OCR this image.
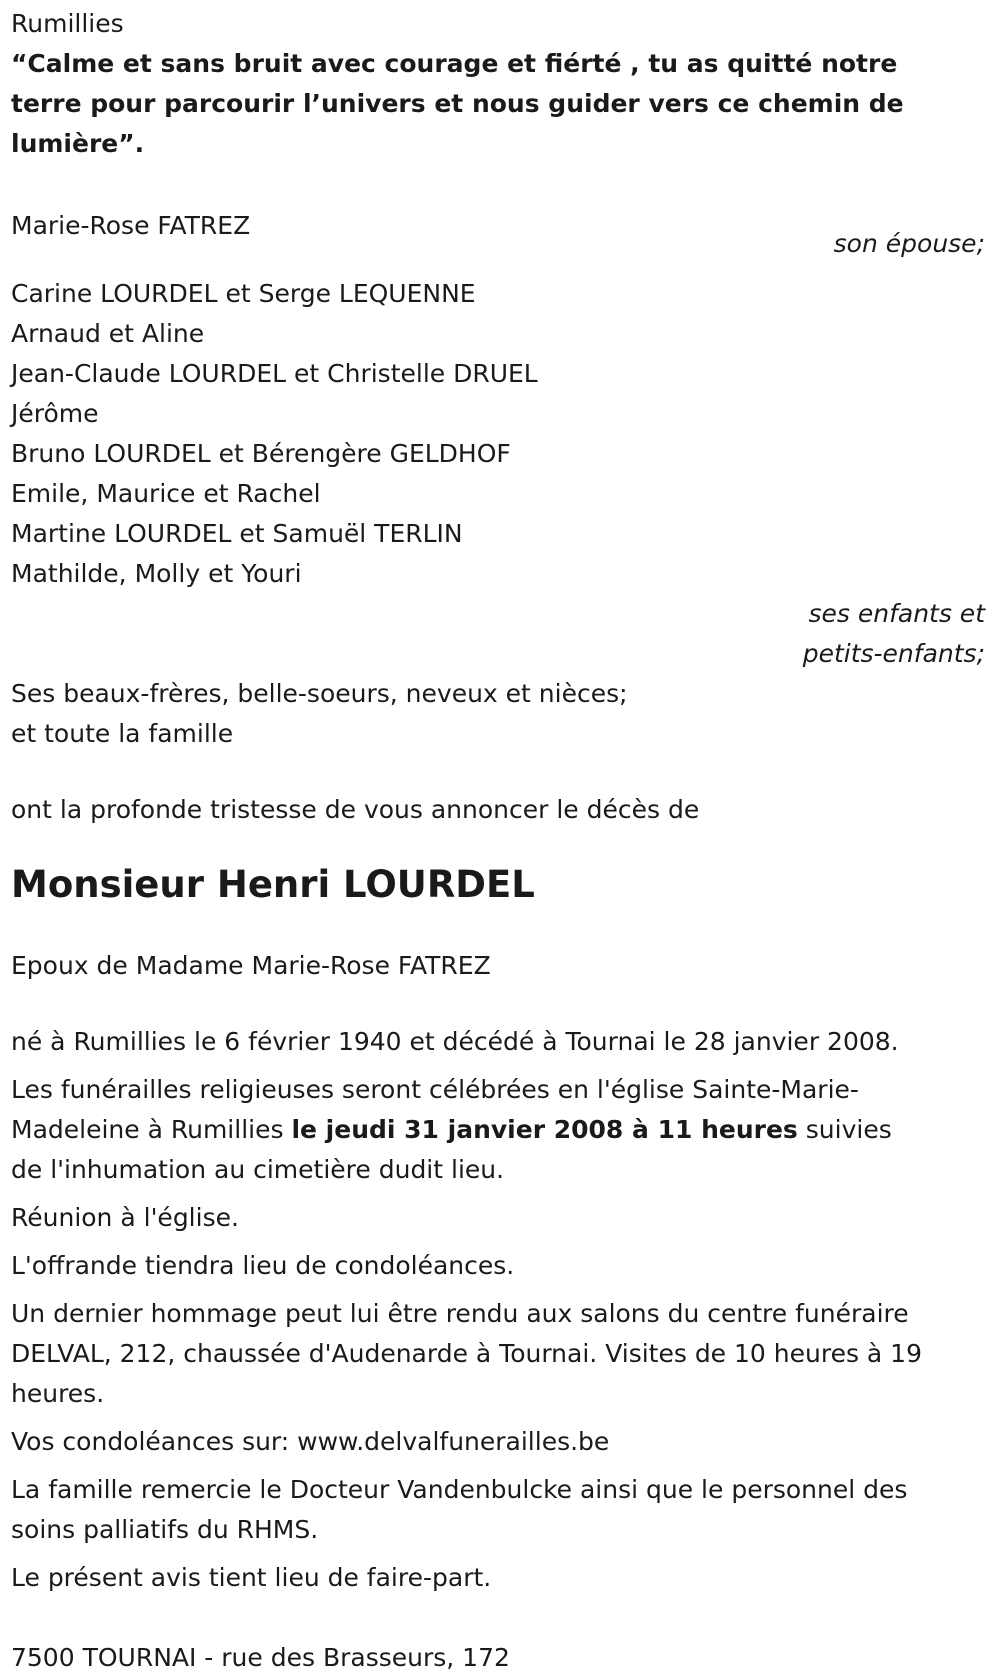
Rumillies
“Calme et sans bruit avec courage et fiérté , tu as quitté notre terre pour parcourir l’univers et nous guider vers ce chemin de lumière”.
Marie-Rose FATREZ
son épouse;
Carine LOURDEL et Serge LEQUENNE
Arnaud et Aline
Jean-Claude LOURDEL et Christelle DRUEL
Jérôme
Bruno LOURDEL et Bérengère GELDHOF
Emile, Maurice et Rachel
Martine LOURDEL et Samuël TERLIN
Mathilde, Molly et Youri
ses enfants et
petits-enfants;
Ses beaux-frères, belle-soeurs, neveux et nièces;
et toute la famille
ont la profonde tristesse de vous annoncer le décès de
Monsieur Henri LOURDEL
Epoux de Madame Marie-Rose FATREZ
né à Rumillies le 6 février 1940 et décédé à Tournai le 28 janvier 2008.
Les funérailles religieuses seront célébrées en l'église Sainte-Marie-Madeleine à Rumillies le jeudi 31 janvier 2008 à 11 heures suivies de l'inhumation au cimetière dudit lieu.
Réunion à l'église.
L'offrande tiendra lieu de condoléances.
Un dernier hommage peut lui être rendu aux salons du centre funéraire DELVAL, 212, chaussée d'Audenarde à Tournai. Visites de 10 heures à 19 heures.
Vos condoléances sur: www.delvalfunerailles.be
La famille remercie le Docteur Vandenbulcke ainsi que le personnel des soins palliatifs du RHMS.
Le présent avis tient lieu de faire-part.
7500 TOURNAI - rue des Brasseurs, 172
